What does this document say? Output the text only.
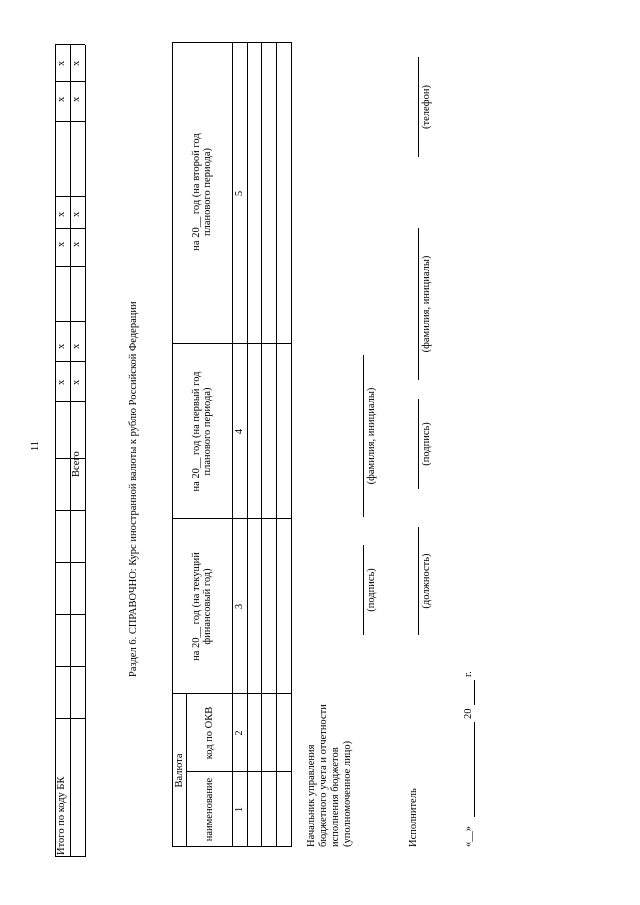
11
x
x
x
x
x
x
x
x
x
x
x
x
Итого по коду БК
Всего	Раздел 6. СПРАВОЧНО: Курс иностранной валюты к рублю Российской Федерации
Валюта
наименование
код по ОКВ
на 20__ год (на текущий финансовый год)
на 20__ год (на первый год планового периода)
на 20__ год (на второй год планового периода)
1
2
3
4
5
Начальник управления бюджетного учета и отчетности исполнения бюджетов (уполномоченное лицо)
(подпись)
(фамилия, инициалы)
Исполнитель
(должность)
(подпись)
(фамилия, инициалы)
(телефон)
«__»
20
г.
